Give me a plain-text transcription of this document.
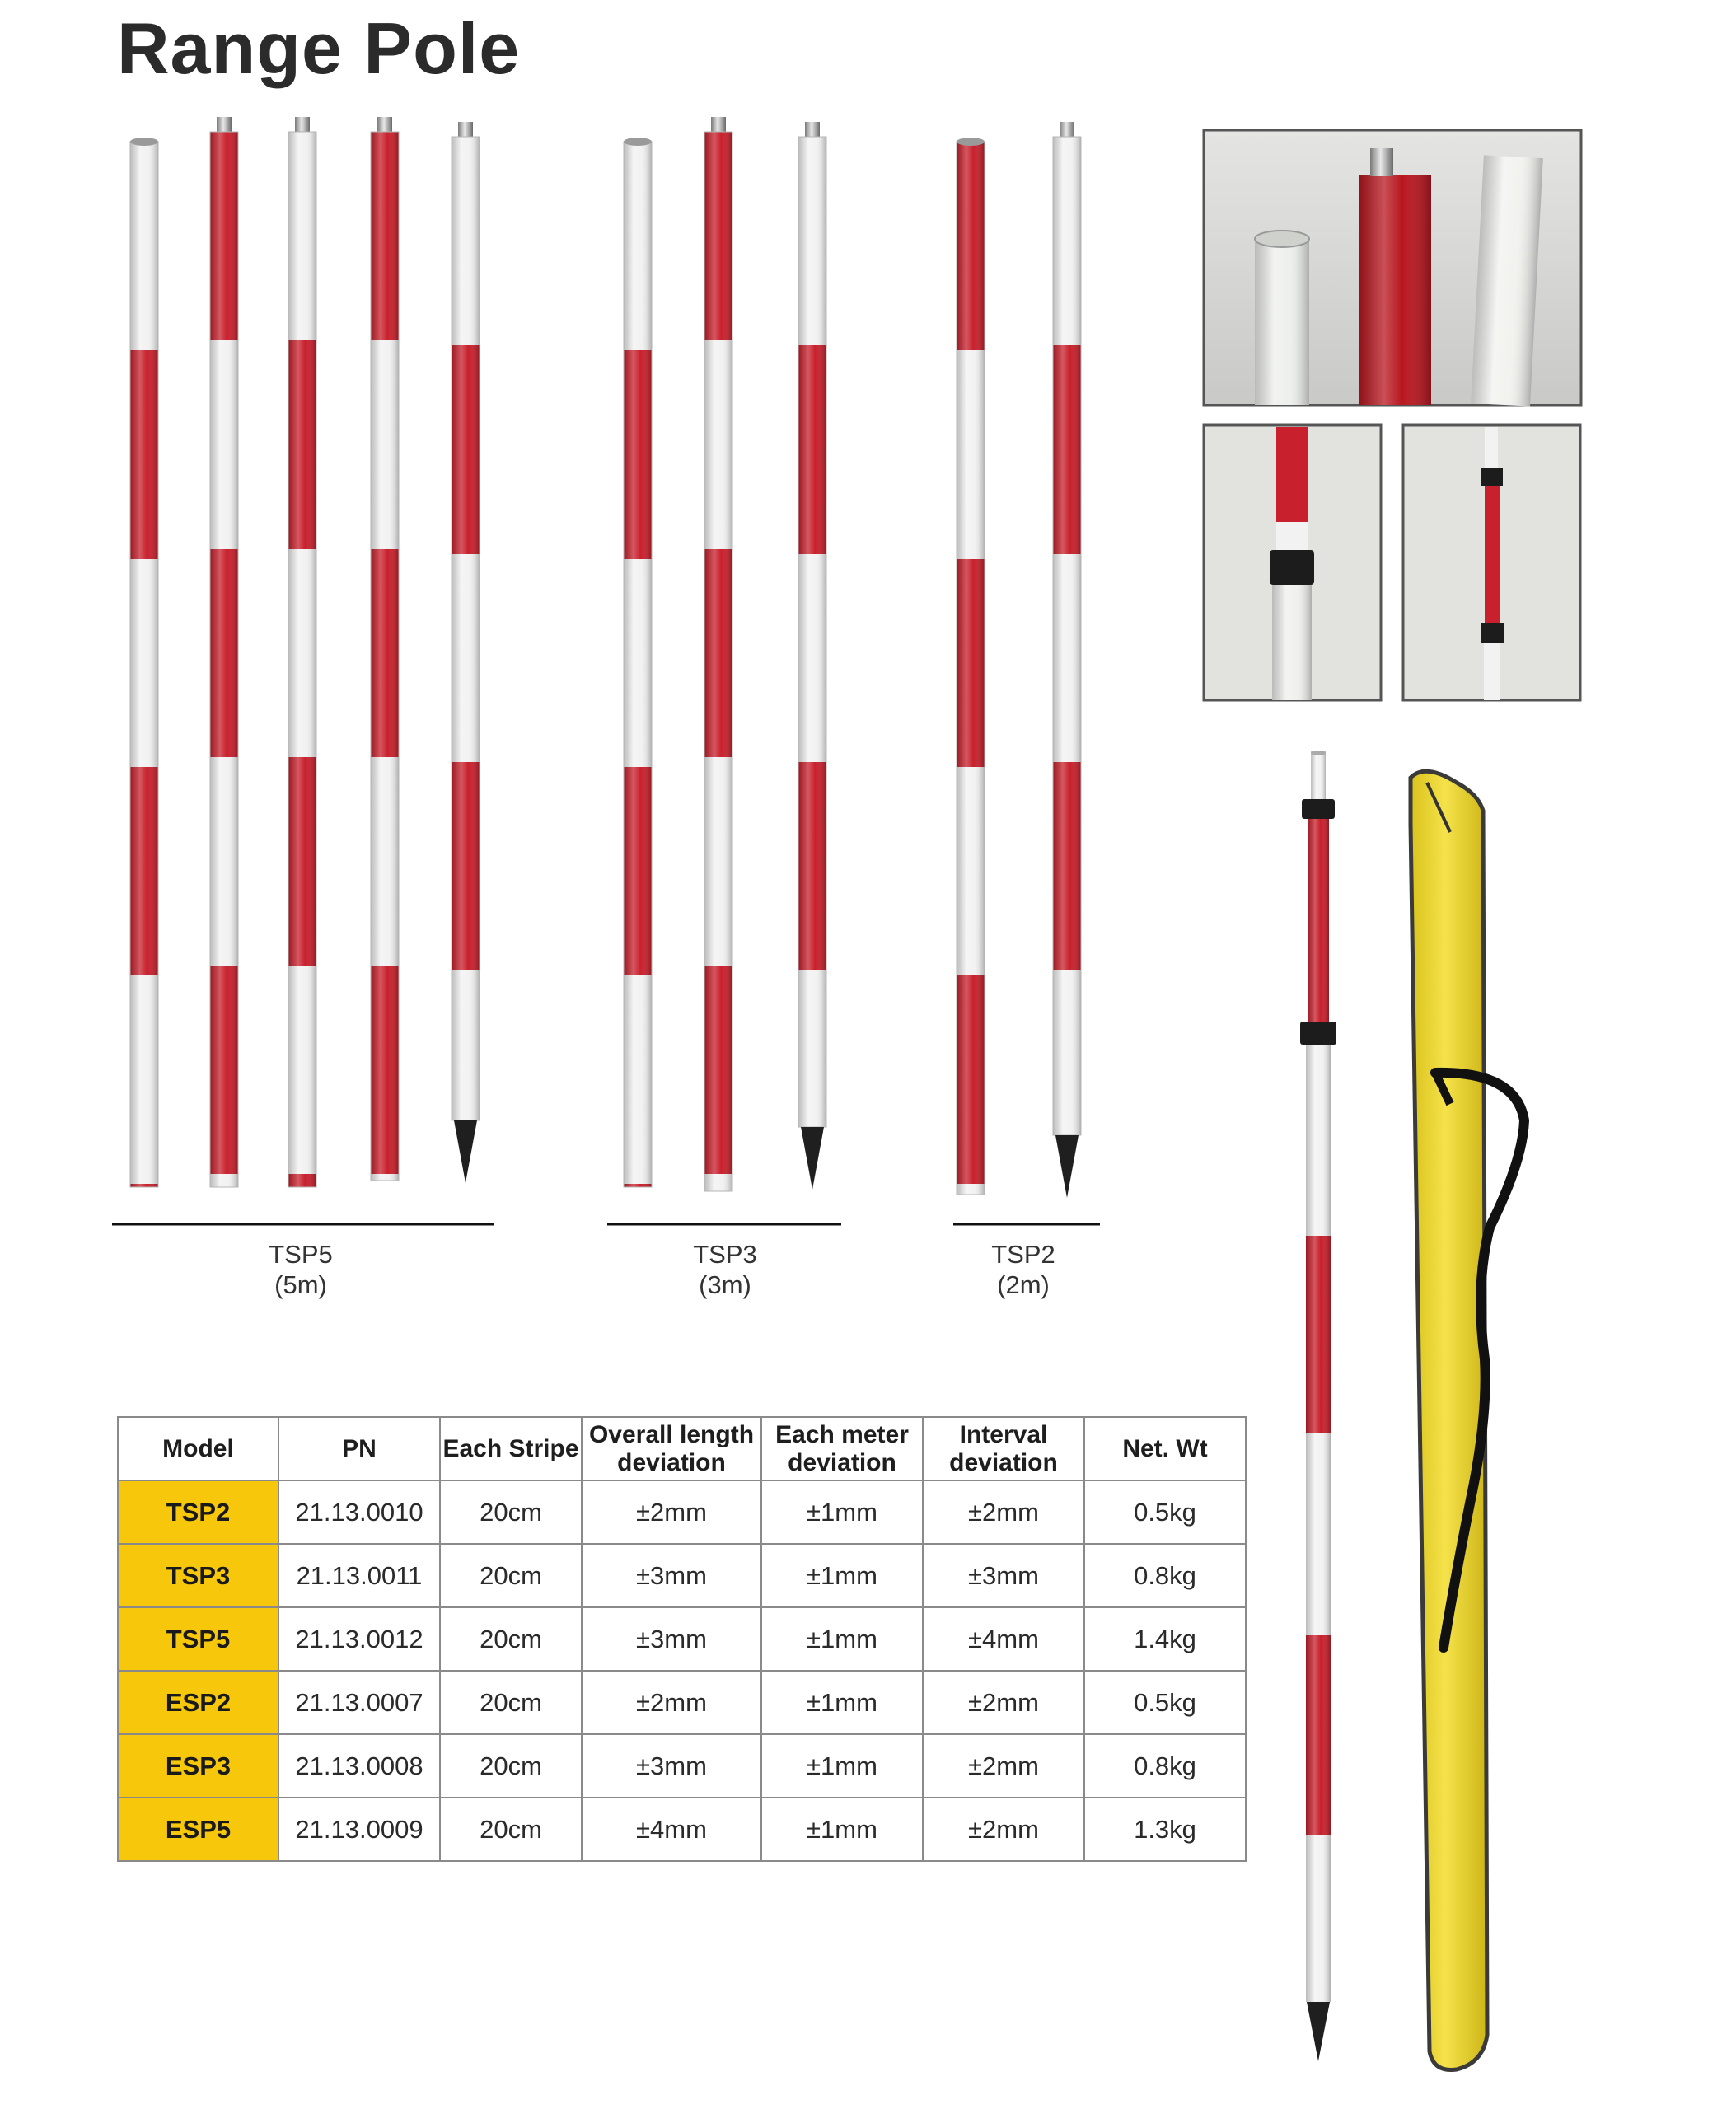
Range Pole
TSP5
(5m)
TSP3
(3m)
TSP2
(2m)
Model	PN	Each Stripe	Overall length deviation	Each meter deviation	Interval deviation	Net. Wt
TSP2	21.13.0010	20cm	±2mm	±1mm	±2mm	0.5kg
TSP3	21.13.0011	20cm	±3mm	±1mm	±3mm	0.8kg
TSP5	21.13.0012	20cm	±3mm	±1mm	±4mm	1.4kg
ESP2	21.13.0007	20cm	±2mm	±1mm	±2mm	0.5kg
ESP3	21.13.0008	20cm	±3mm	±1mm	±2mm	0.8kg
ESP5	21.13.0009	20cm	±4mm	±1mm	±2mm	1.3kg
